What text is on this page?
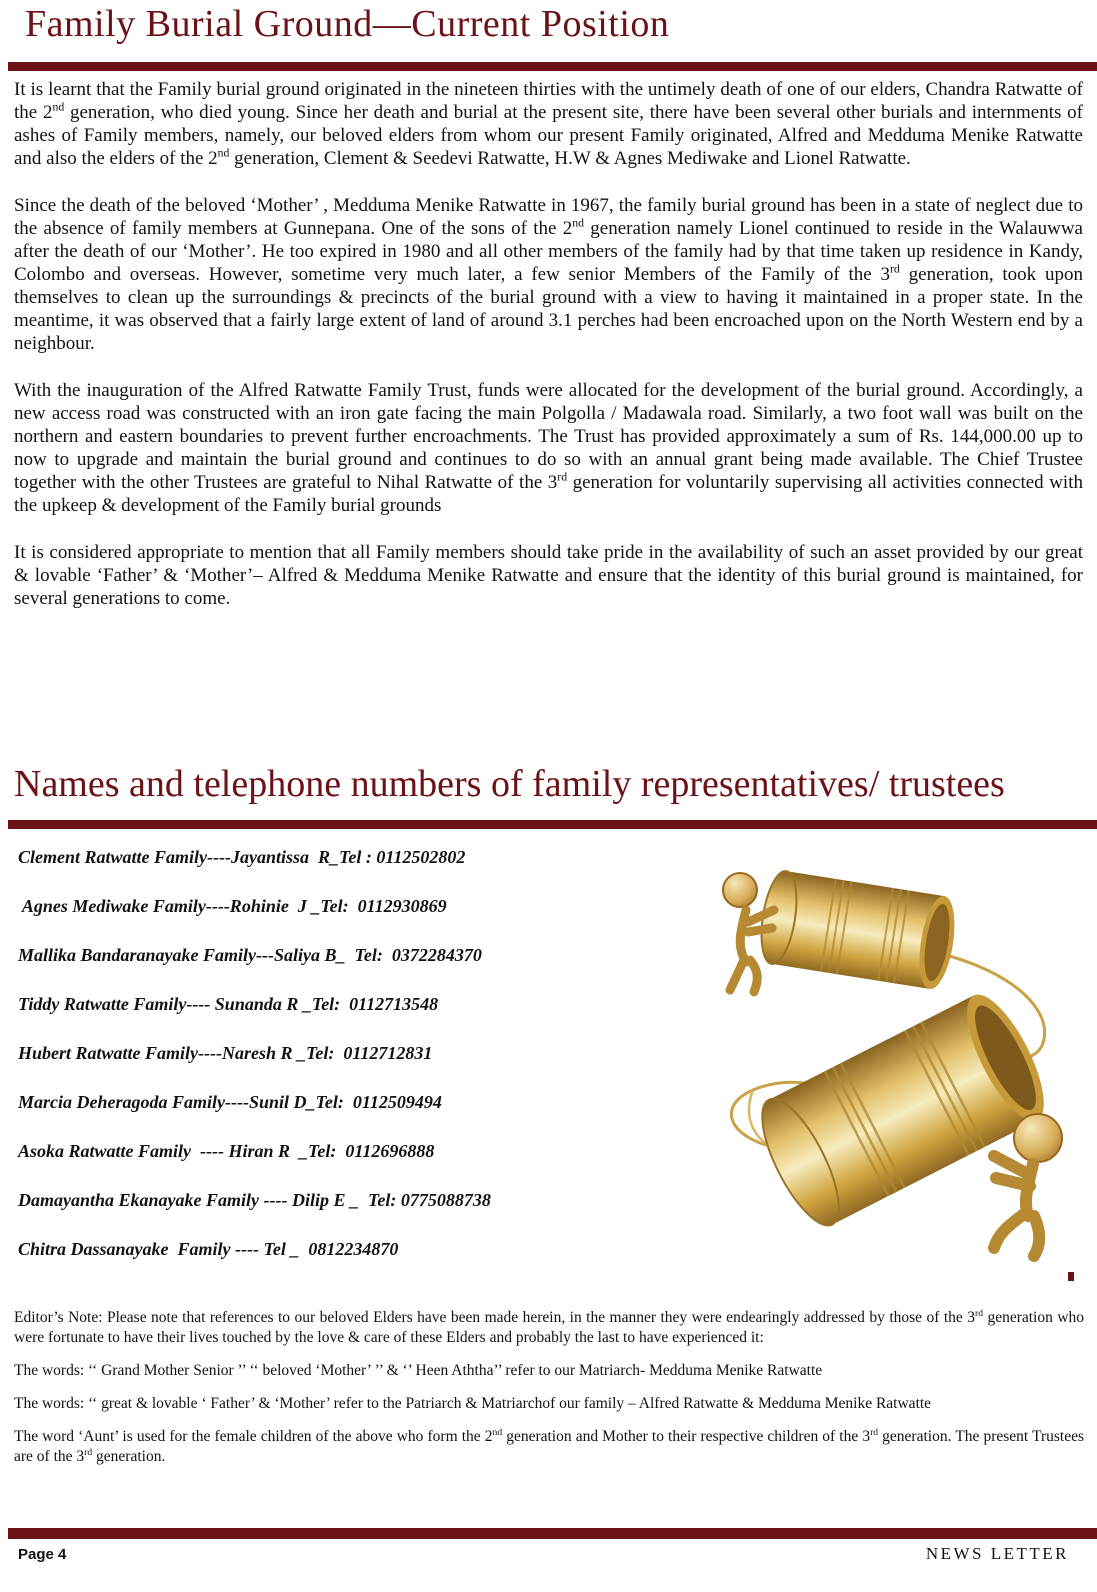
Family Burial Ground—Current Position

It is learnt that the Family burial ground originated in the nineteen thirties with the untimely death of one of our elders, Chandra Ratwatte of the 2nd generation, who died young. Since her death and burial at the present site, there have been several other burials and internments of ashes of Family members, namely, our beloved elders from whom our present Family originated, Alfred and Medduma Menike Ratwatte and also the elders of the 2nd generation, Clement & Seedevi Ratwatte, H.W & Agnes Mediwake and Lionel Ratwatte.

Since the death of the beloved ‘Mother’ , Medduma Menike Ratwatte in 1967, the family burial ground has been in a state of neglect due to the absence of family members at Gunnepana. One of the sons of the 2nd generation namely Lionel continued to reside in the Walauwwa after the death of our ‘Mother’. He too expired in 1980 and all other members of the family had by that time taken up residence in Kandy, Colombo and overseas. However, sometime very much later, a few senior Members of the Family of the 3rd generation, took upon themselves to clean up the surroundings & precincts of the burial ground with a view to having it maintained in a proper state. In the meantime, it was observed that a fairly large extent of land of around 3.1 perches had been encroached upon on the North Western end by a neighbour.

With the inauguration of the Alfred Ratwatte Family Trust, funds were allocated for the development of the burial ground. Accordingly, a new access road was constructed with an iron gate facing the main Polgolla / Madawala road. Similarly, a two foot wall was built on the northern and eastern boundaries to prevent further encroachments. The Trust has provided approximately a sum of Rs. 144,000.00 up to now to upgrade and maintain the burial ground and continues to do so with an annual grant being made available. The Chief Trustee together with the other Trustees are grateful to Nihal Ratwatte of the 3rd generation for voluntarily supervising all activities connected with the upkeep & development of the Family burial grounds

It is considered appropriate to mention that all Family members should take pride in the availability of such an asset provided by our great & lovable ‘Father’ & ‘Mother’– Alfred & Medduma Menike Ratwatte and ensure that the identity of this burial ground is maintained, for several generations to come.

Names and telephone numbers of family representatives/ trustees
Clement Ratwatte Family----Jayantissa  R_Tel : 0112502802
Agnes Mediwake Family----Rohinie  J _Tel:  0112930869
Mallika Bandaranayake Family---Saliya B_  Tel:  0372284370
Tiddy Ratwatte Family---- Sunanda R _Tel:  0112713548
Hubert Ratwatte Family----Naresh R _Tel:  0112712831
Marcia Deheragoda Family----Sunil D_Tel:  0112509494
Asoka Ratwatte Family  ---- Hiran R  _Tel:  0112696888
Damayantha Ekanayake Family ---- Dilip E _  Tel: 0775088738
Chitra Dassanayake  Family ---- Tel _  0812234870

Editor’s Note: Please note that references to our beloved Elders have been made herein, in the manner they were endearingly addressed by those of the 3rd generation who were fortunate to have their lives touched by the love & care of these Elders and probably the last to have experienced it:

The words: ‘‘ Grand Mother Senior ’’ ‘‘ beloved ‘Mother’ ’’ & ‘’ Heen Aththa’’ refer to our Matriarch- Medduma Menike Ratwatte

The words: ‘‘ great & lovable ‘ Father’ & ‘Mother’ refer to the Patriarch & Matriarchof our family – Alfred Ratwatte & Medduma Menike Ratwatte

The word ‘Aunt’ is used for the female children of the above who form the 2nd generation and Mother to their respective children of the 3rd generation. The present Trustees are of the 3rd generation.

Page 4	NEWS LETTER
